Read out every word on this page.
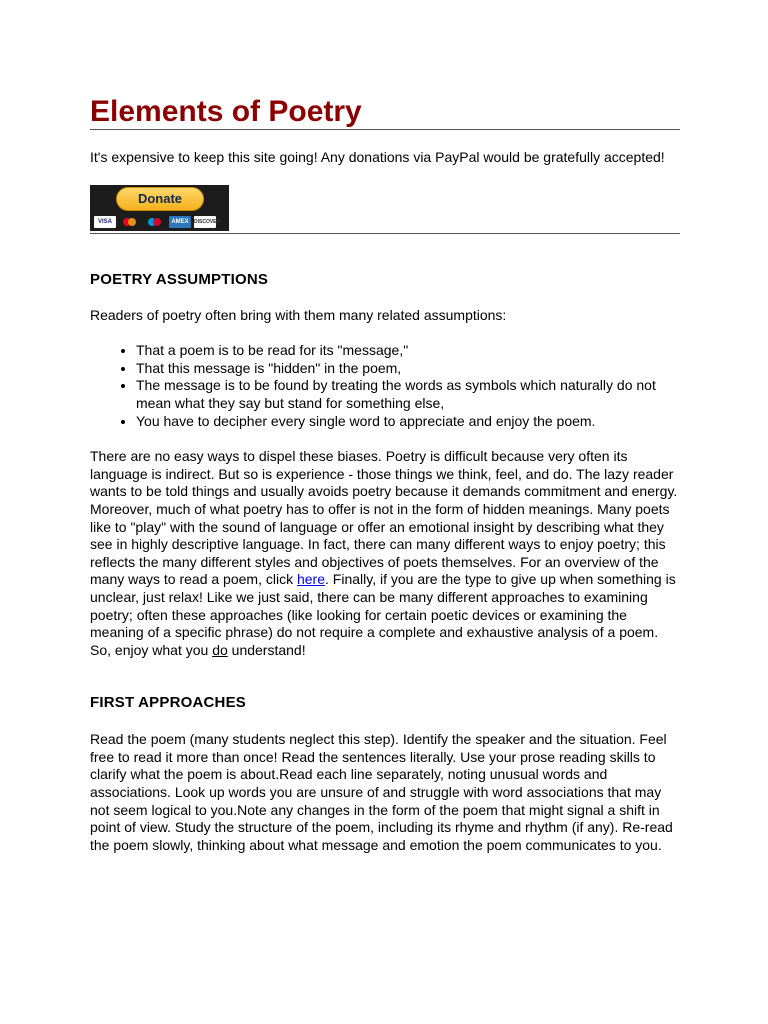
Elements of Poetry

It's expensive to keep this site going! Any donations via PayPal would be gratefully accepted!

Donate
VISA	AMEX	DISCOVER
POETRY ASSUMPTIONS

Readers of poetry often bring with them many related assumptions:

• That a poem is to be read for its "message,"
• That this message is "hidden" in the poem,
• The message is to be found by treating the words as symbols which naturally do not mean what they say but stand for something else,
• You have to decipher every single word to appreciate and enjoy the poem.

There are no easy ways to dispel these biases. Poetry is difficult because very often its language is indirect. But so is experience - those things we think, feel, and do. The lazy reader wants to be told things and usually avoids poetry because it demands commitment and energy. Moreover, much of what poetry has to offer is not in the form of hidden meanings. Many poets like to "play" with the sound of language or offer an emotional insight by describing what they see in highly descriptive language. In fact, there can many different ways to enjoy poetry; this reflects the many different styles and objectives of poets themselves. For an overview of the many ways to read a poem, click here. Finally, if you are the type to give up when something is unclear, just relax! Like we just said, there can be many different approaches to examining poetry; often these approaches (like looking for certain poetic devices or examining the meaning of a specific phrase) do not require a complete and exhaustive analysis of a poem. So, enjoy what you do understand!

FIRST APPROACHES

Read the poem (many students neglect this step). Identify the speaker and the situation. Feel free to read it more than once! Read the sentences literally. Use your prose reading skills to clarify what the poem is about.Read each line separately, noting unusual words and associations. Look up words you are unsure of and struggle with word associations that may not seem logical to you.Note any changes in the form of the poem that might signal a shift in point of view. Study the structure of the poem, including its rhyme and rhythm (if any). Re-read the poem slowly, thinking about what message and emotion the poem communicates to you.
